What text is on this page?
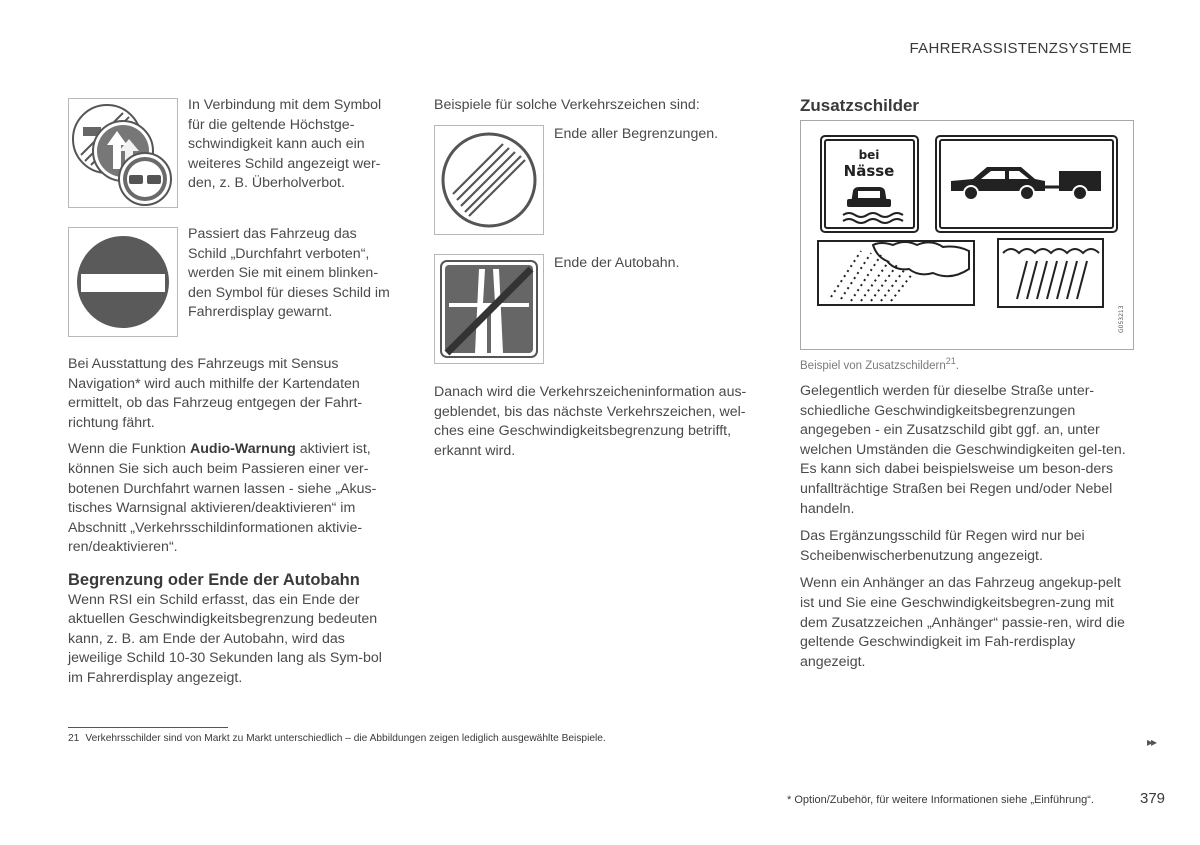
FAHRERASSISTENZSYSTEME
In Verbindung mit dem Symbol für die geltende Höchstge-schwindigkeit kann auch ein weiteres Schild angezeigt wer-den, z. B. Überholverbot.
Passiert das Fahrzeug das Schild „Durchfahrt verboten“, werden Sie mit einem blinken-den Symbol für dieses Schild im Fahrerdisplay gewarnt.

Bei Ausstattung des Fahrzeugs mit Sensus Navigation* wird auch mithilfe der Kartendaten ermittelt, ob das Fahrzeug entgegen der Fahrt-richtung fährt.

Wenn die Funktion Audio-Warnung aktiviert ist, können Sie sich auch beim Passieren einer ver-botenen Durchfahrt warnen lassen - siehe „Akus-tisches Warnsignal aktivieren/deaktivieren“ im Abschnitt „Verkehrsschildinformationen aktivie-ren/deaktivieren“.

Begrenzung oder Ende der Autobahn

Wenn RSI ein Schild erfasst, das ein Ende der aktuellen Geschwindigkeitsbegrenzung bedeuten kann, z. B. am Ende der Autobahn, wird das jeweilige Schild 10-30 Sekunden lang als Sym-bol im Fahrerdisplay angezeigt.

Beispiele für solche Verkehrszeichen sind:
Ende aller Begrenzungen.
Ende der Autobahn.
Danach wird die Verkehrszeicheninformation aus-geblendet, bis das nächste Verkehrszeichen, wel-ches eine Geschwindigkeitsbegrenzung betrifft, erkannt wird.
Zusatzschilder
bei
Nässe
G053213
Beispiel von Zusatzschildern$^{21}$.

Gelegentlich werden für dieselbe Straße unter-schiedliche Geschwindigkeitsbegrenzungen angegeben - ein Zusatzschild gibt ggf. an, unter welchen Umständen die Geschwindigkeiten gel-ten. Es kann sich dabei beispielsweise um beson-ders unfallträchtige Straßen bei Regen und/oder Nebel handeln.

Das Ergänzungsschild für Regen wird nur bei Scheibenwischerbenutzung angezeigt.

Wenn ein Anhänger an das Fahrzeug angekup-pelt ist und Sie eine Geschwindigkeitsbegren-zung mit dem Zusatzzeichen „Anhänger“ passie-ren, wird die geltende Geschwindigkeit im Fah-rerdisplay angezeigt.

21 Verkehrsschilder sind von Markt zu Markt unterschiedlich – die Abbildungen zeigen lediglich ausgewählte Beispiele.	▸▸
* Option/Zubehör, für weitere Informationen siehe „Einführung“.	379
